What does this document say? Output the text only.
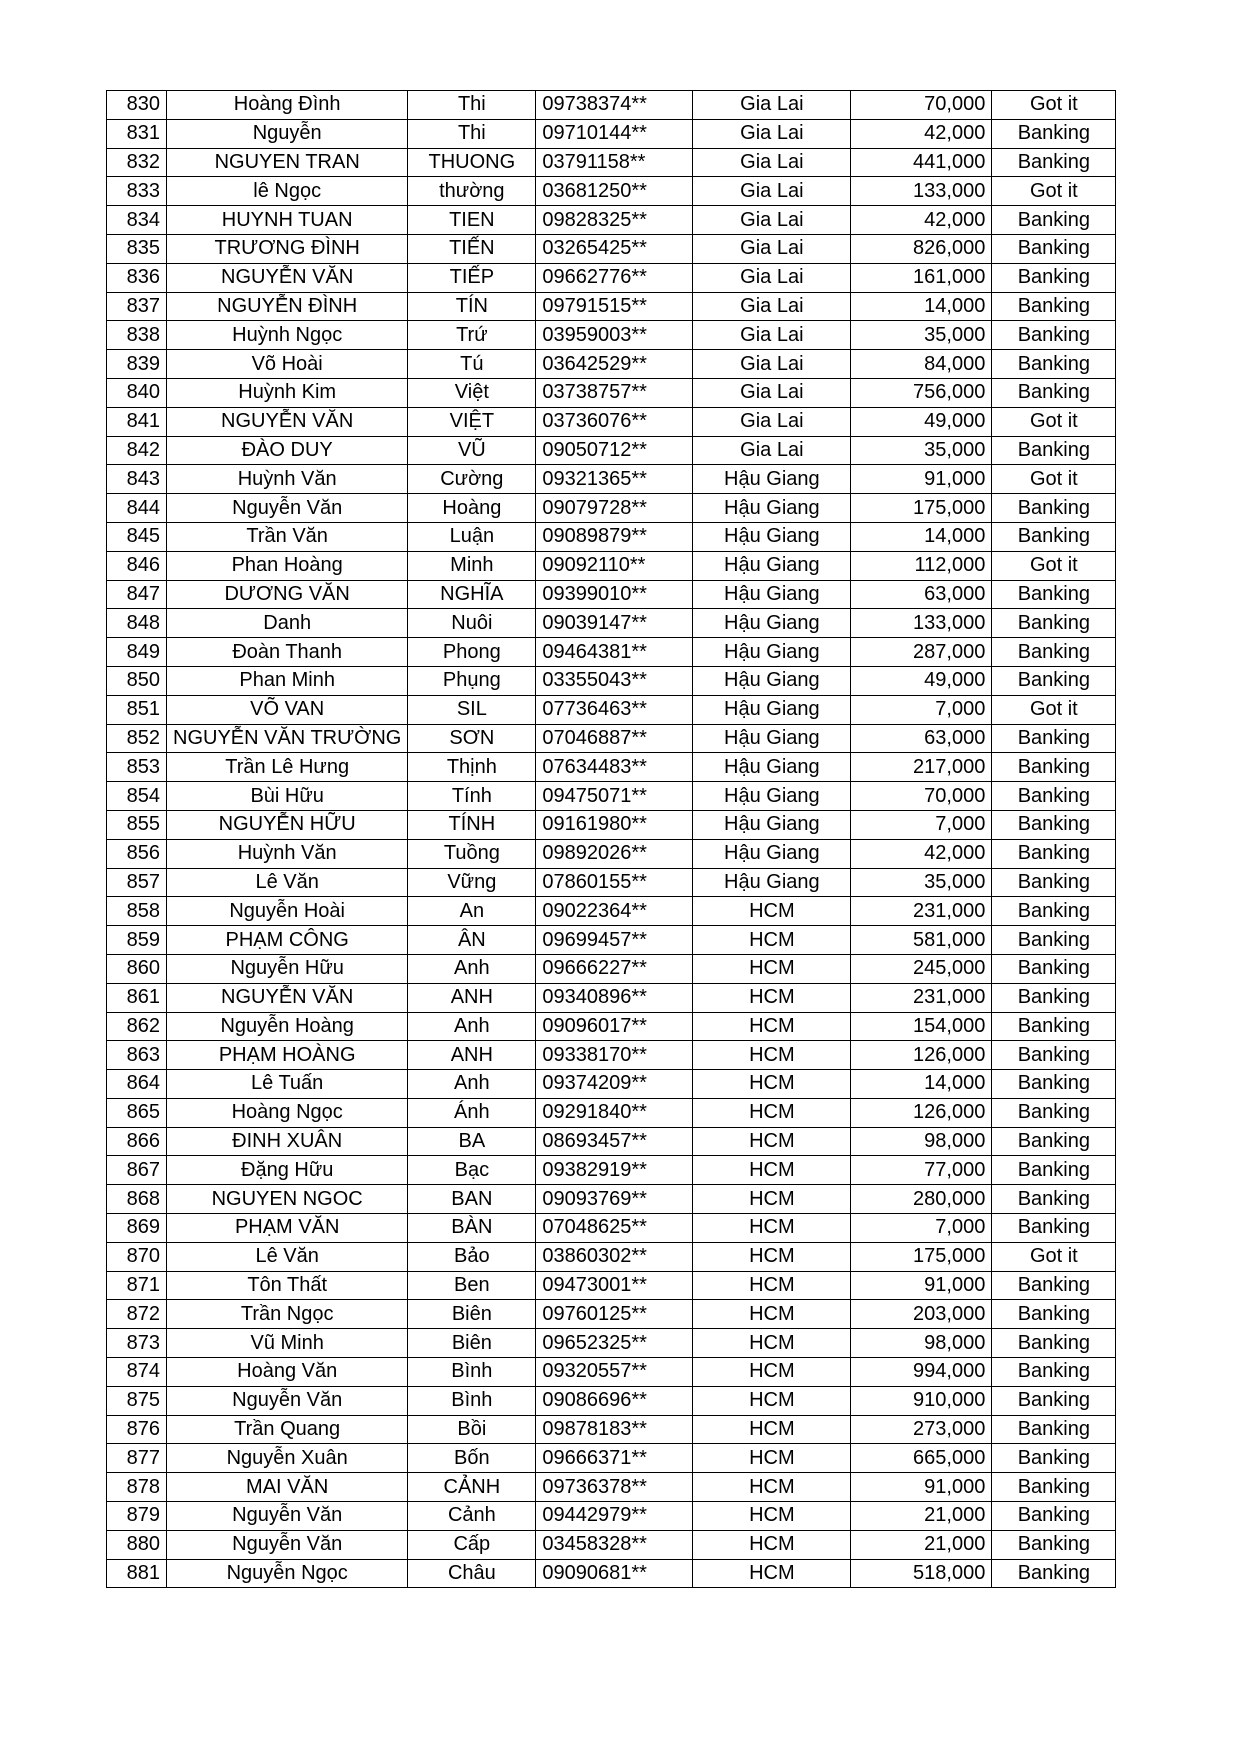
830	Hoàng Đình	Thi	09738374**	Gia Lai	70,000	Got it
831	Nguyễn	Thi	09710144**	Gia Lai	42,000	Banking
832	NGUYEN TRAN	THUONG	03791158**	Gia Lai	441,000	Banking
833	lê Ngọc	thường	03681250**	Gia Lai	133,000	Got it
834	HUYNH TUAN	TIEN	09828325**	Gia Lai	42,000	Banking
835	TRƯƠNG ĐÌNH	TIẾN	03265425**	Gia Lai	826,000	Banking
836	NGUYỄN VĂN	TIẾP	09662776**	Gia Lai	161,000	Banking
837	NGUYỄN ĐÌNH	TÍN	09791515**	Gia Lai	14,000	Banking
838	Huỳnh Ngọc	Trứ	03959003**	Gia Lai	35,000	Banking
839	Võ Hoài	Tú	03642529**	Gia Lai	84,000	Banking
840	Huỳnh Kim	Việt	03738757**	Gia Lai	756,000	Banking
841	NGUYỄN VĂN	VIỆT	03736076**	Gia Lai	49,000	Got it
842	ĐÀO DUY	VŨ	09050712**	Gia Lai	35,000	Banking
843	Huỳnh Văn	Cường	09321365**	Hậu Giang	91,000	Got it
844	Nguyễn Văn	Hoàng	09079728**	Hậu Giang	175,000	Banking
845	Trần Văn	Luận	09089879**	Hậu Giang	14,000	Banking
846	Phan Hoàng	Minh	09092110**	Hậu Giang	112,000	Got it
847	DƯƠNG VĂN	NGHĨA	09399010**	Hậu Giang	63,000	Banking
848	Danh	Nuôi	09039147**	Hậu Giang	133,000	Banking
849	Đoàn Thanh	Phong	09464381**	Hậu Giang	287,000	Banking
850	Phan Minh	Phụng	03355043**	Hậu Giang	49,000	Banking
851	VÕ VAN	SIL	07736463**	Hậu Giang	7,000	Got it
852	NGUYỄN VĂN TRƯỜNG	SƠN	07046887**	Hậu Giang	63,000	Banking
853	Trần Lê Hưng	Thịnh	07634483**	Hậu Giang	217,000	Banking
854	Bùi Hữu	Tính	09475071**	Hậu Giang	70,000	Banking
855	NGUYỄN HỮU	TÍNH	09161980**	Hậu Giang	7,000	Banking
856	Huỳnh Văn	Tuồng	09892026**	Hậu Giang	42,000	Banking
857	Lê Văn	Vững	07860155**	Hậu Giang	35,000	Banking
858	Nguyễn Hoài	An	09022364**	HCM	231,000	Banking
859	PHẠM CÔNG	ÂN	09699457**	HCM	581,000	Banking
860	Nguyễn Hữu	Anh	09666227**	HCM	245,000	Banking
861	NGUYỄN VĂN	ANH	09340896**	HCM	231,000	Banking
862	Nguyễn Hoàng	Anh	09096017**	HCM	154,000	Banking
863	PHẠM HOÀNG	ANH	09338170**	HCM	126,000	Banking
864	Lê Tuấn	Anh	09374209**	HCM	14,000	Banking
865	Hoàng Ngọc	Ánh	09291840**	HCM	126,000	Banking
866	ĐINH XUÂN	BA	08693457**	HCM	98,000	Banking
867	Đặng Hữu	Bạc	09382919**	HCM	77,000	Banking
868	NGUYEN NGOC	BAN	09093769**	HCM	280,000	Banking
869	PHẠM VĂN	BÀN	07048625**	HCM	7,000	Banking
870	Lê Văn	Bảo	03860302**	HCM	175,000	Got it
871	Tôn Thất	Ben	09473001**	HCM	91,000	Banking
872	Trần Ngọc	Biên	09760125**	HCM	203,000	Banking
873	Vũ Minh	Biên	09652325**	HCM	98,000	Banking
874	Hoàng Văn	Bình	09320557**	HCM	994,000	Banking
875	Nguyễn Văn	Bình	09086696**	HCM	910,000	Banking
876	Trần Quang	Bồi	09878183**	HCM	273,000	Banking
877	Nguyễn Xuân	Bốn	09666371**	HCM	665,000	Banking
878	MAI VĂN	CẢNH	09736378**	HCM	91,000	Banking
879	Nguyễn Văn	Cảnh	09442979**	HCM	21,000	Banking
880	Nguyễn Văn	Cấp	03458328**	HCM	21,000	Banking
881	Nguyễn Ngọc	Châu	09090681**	HCM	518,000	Banking
